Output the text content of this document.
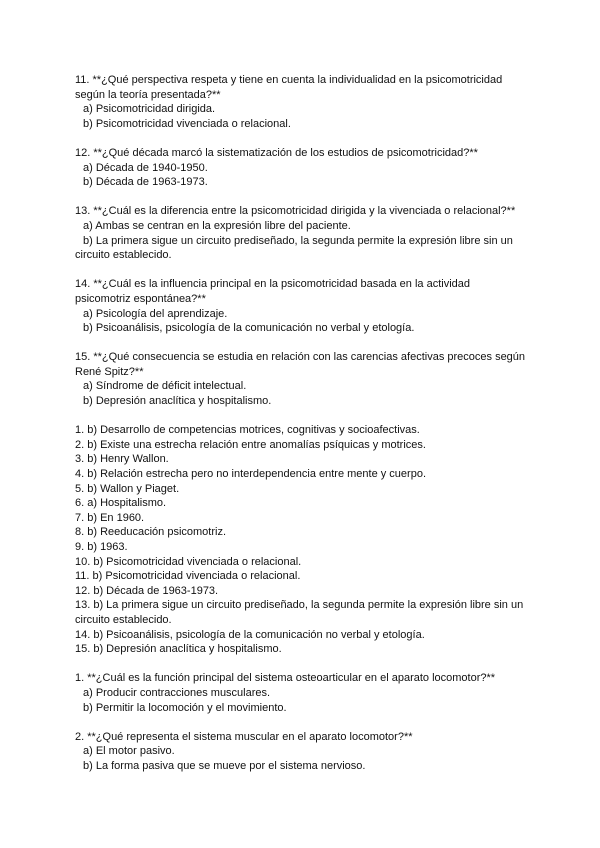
11. **¿Qué perspectiva respeta y tiene en cuenta la individualidad en la psicomotricidad
según la teoría presentada?**
a) Psicomotricidad dirigida.
b) Psicomotricidad vivenciada o relacional.
12. **¿Qué década marcó la sistematización de los estudios de psicomotricidad?**
a) Década de 1940-1950.
b) Década de 1963-1973.
13. **¿Cuál es la diferencia entre la psicomotricidad dirigida y la vivenciada o relacional?**
a) Ambas se centran en la expresión libre del paciente.
b) La primera sigue un circuito prediseñado, la segunda permite la expresión libre sin un
circuito establecido.
14. **¿Cuál es la influencia principal en la psicomotricidad basada en la actividad
psicomotriz espontánea?**
a) Psicología del aprendizaje.
b) Psicoanálisis, psicología de la comunicación no verbal y etología.
15. **¿Qué consecuencia se estudia en relación con las carencias afectivas precoces según
René Spitz?**
a) Síndrome de déficit intelectual.
b) Depresión anaclítica y hospitalismo.
1. b) Desarrollo de competencias motrices, cognitivas y socioafectivas.
2. b) Existe una estrecha relación entre anomalías psíquicas y motrices.
3. b) Henry Wallon.
4. b) Relación estrecha pero no interdependencia entre mente y cuerpo.
5. b) Wallon y Piaget.
6. a) Hospitalismo.
7. b) En 1960.
8. b) Reeducación psicomotriz.
9. b) 1963.
10. b) Psicomotricidad vivenciada o relacional.
11. b) Psicomotricidad vivenciada o relacional.
12. b) Década de 1963-1973.
13. b) La primera sigue un circuito prediseñado, la segunda permite la expresión libre sin un
circuito establecido.
14. b) Psicoanálisis, psicología de la comunicación no verbal y etología.
15. b) Depresión anaclítica y hospitalismo.
1. **¿Cuál es la función principal del sistema osteoarticular en el aparato locomotor?**
a) Producir contracciones musculares.
b) Permitir la locomoción y el movimiento.
2. **¿Qué representa el sistema muscular en el aparato locomotor?**
a) El motor pasivo.
b) La forma pasiva que se mueve por el sistema nervioso.
